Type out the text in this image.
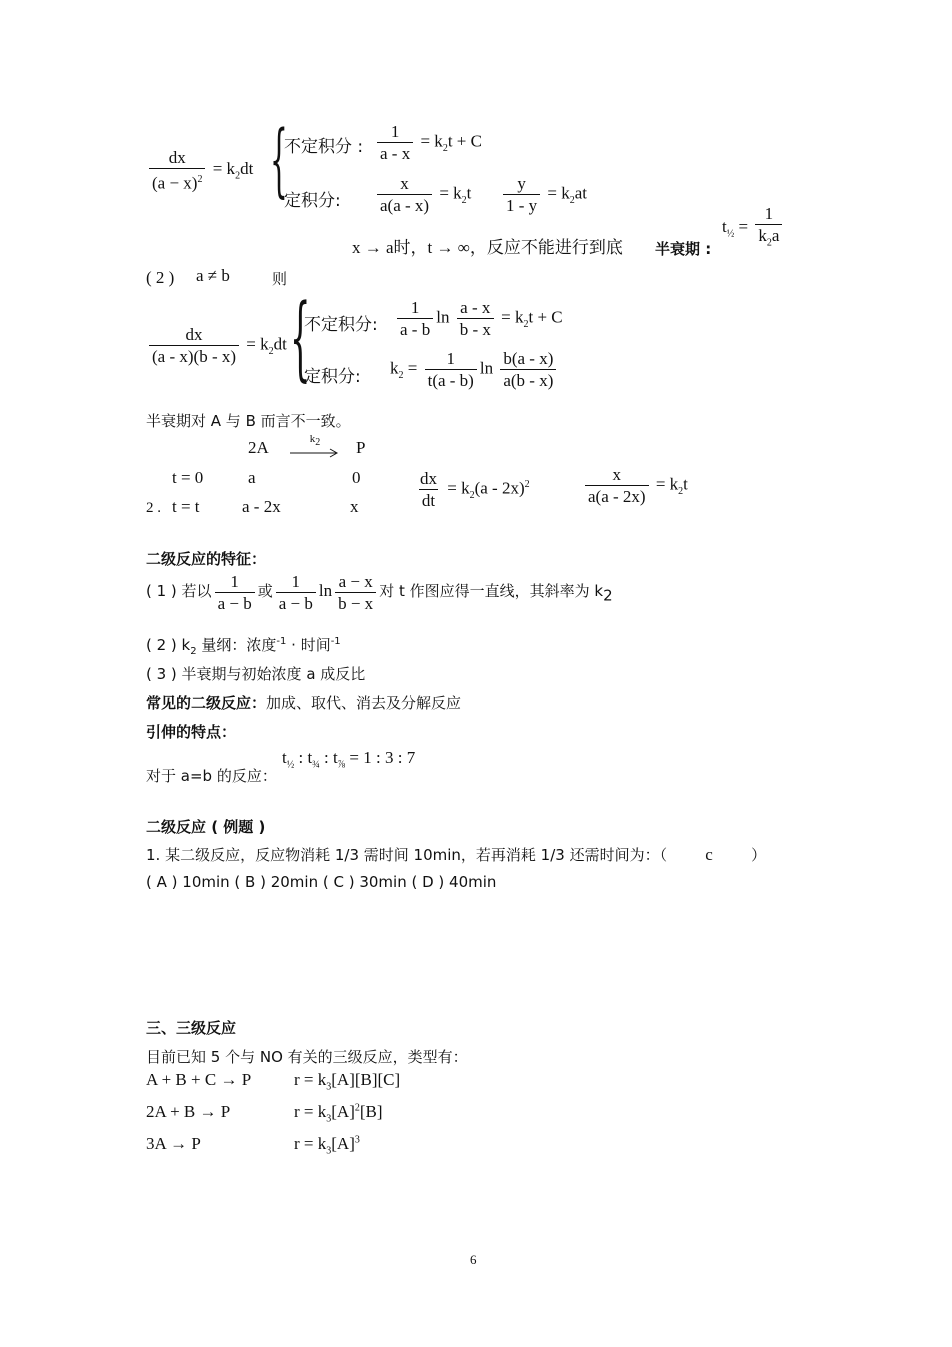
$\frac{dx}{(a - x)^2} = k_2dt$ {
不定积分 : $\frac{1}{a - x} = k_2t + C$
定积分: $\frac{x}{a(a - x)} = k_2t \frac{y}{1 - y} = k_2at$
x → a时，t → ∞，反应不能进行到底 半衰期 :
$t_{\frac{1}{2}} = \frac{1}{k_2a}$
( 2 ) a ≠ b	则
$\frac{dx}{(a - x)(b - x)} = k_2dt$ {
不定积分: $\frac{1}{a - b}$ $\ln \frac{a - x}{b - x} = k_2t + C$
定积分: $k_2 = \frac{1}{t(a - b)}$ $\ln \frac{b(a - x)}{a(b - x)}$
半衰期对 A 与 B 而言不一致。
2A	$k_2$	P
t = 0	a	0
2 . t = t a - 2x	x	$\frac{dx}{dt} = k_2(a - 2x)^2$	$\frac{x}{a(a - 2x)} = k_2t$
二级反应的特征：
( 1 ) 若以 $\frac{1}{a - b}$ 或 $\frac{1}{a - b}$ $\ln \frac{a - x}{b - x}$ 对 t 作图应得一直线，其斜率为 $k_2$
( 2 ) $k_2$ 量纲：浓度$^{-1}$ · 时间$^{-1}$
( 3 ) 半衰期与初始浓度 a 成反比
常见的二级反应：加成、取代、消去及分解反应
引伸的特点：
对于 a=b 的反应：
$t_{\frac{1}{2}}$ : $t_{\frac{3}{4}}$ : $t_{\frac{7}{8}} = 1$ : 3 : 7
二级反应 ( 例题 )
1. 某二级反应，反应物消耗 1/3 需时间 10min，若再消耗 1/3 还需时间为：（ c	）
( A ) 10min ( B ) 20min ( C ) 30min ( D ) 40min
三、三级反应
目前已知 5 个与 NO 有关的三级反应，类型有：
A + B + C → P	$r = k_3[A][B][C]$
2A + B → P	$r = k_3[A]^2[B]$
3A → P	$r = k_3[A]^3$
6
